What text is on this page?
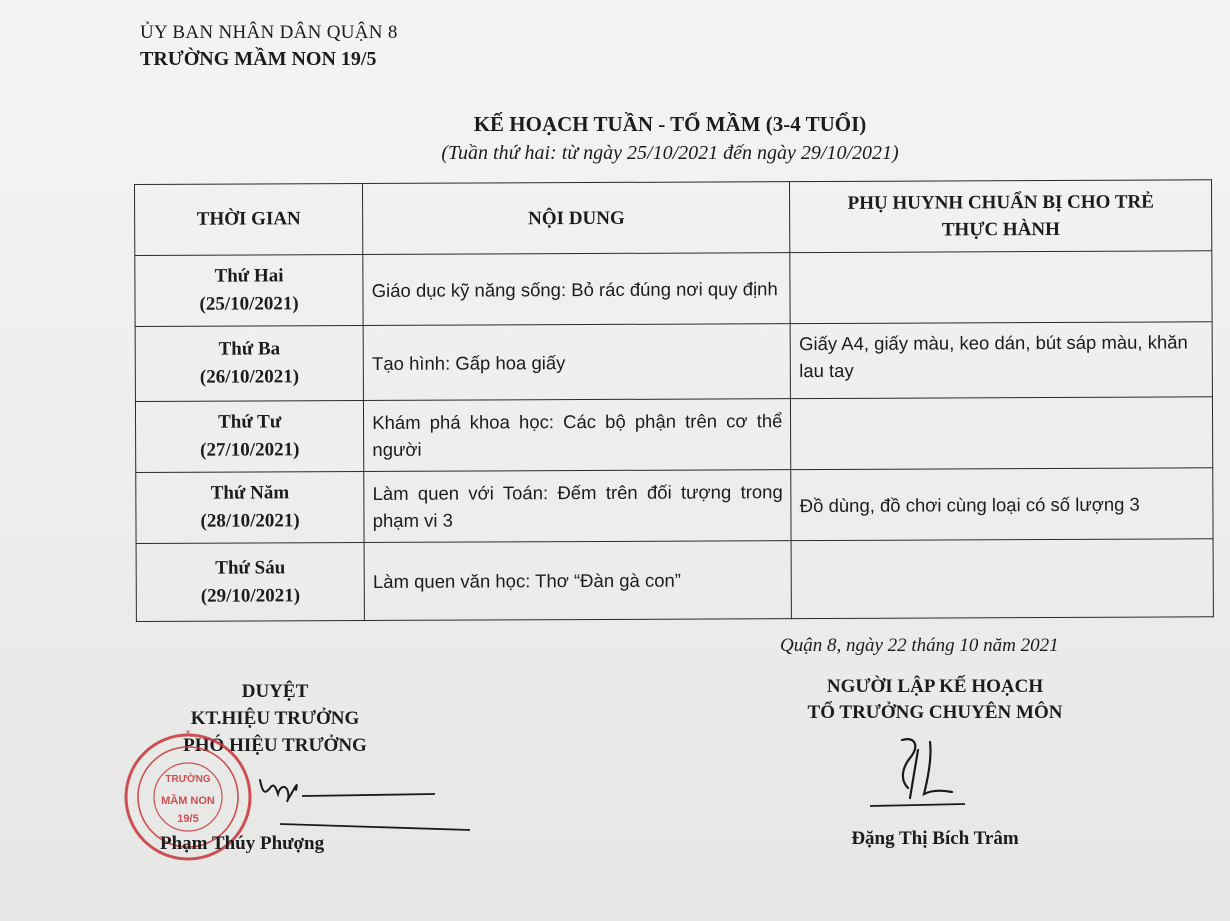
ỦY BAN NHÂN DÂN QUẬN 8
TRƯỜNG MẦM NON 19/5
KẾ HOẠCH TUẦN - TỔ MẦM (3-4 TUỔI)
(Tuần thứ hai: từ ngày 25/10/2021 đến ngày 29/10/2021)
THỜI GIAN	NỘI DUNG	PHỤ HUYNH CHUẨN BỊ CHO TRẺ THỰC HÀNH
Thứ Hai
(25/10/2021)	Giáo dục kỹ năng sống: Bỏ rác đúng nơi quy định	
Thứ Ba
(26/10/2021)	Tạo hình: Gấp hoa giấy	Giấy A4, giấy màu, keo dán, bút sáp màu, khăn lau tay
Thứ Tư
(27/10/2021)	Khám phá khoa học: Các bộ phận trên cơ thể người	
Thứ Năm
(28/10/2021)	Làm quen với Toán: Đếm trên đối tượng trong phạm vi 3	Đồ dùng, đồ chơi cùng loại có số lượng 3
Thứ Sáu
(29/10/2021)	Làm quen văn học: Thơ “Đàn gà con”	
Quận 8, ngày 22 tháng 10 năm 2021
NGƯỜI LẬP KẾ HOẠCH
TỔ TRƯỞNG CHUYÊN MÔN
Đặng Thị Bích Trâm
DUYỆT
KT.HIỆU TRƯỞNG
PHÓ HIỆU TRƯỞNG
TRƯỜNG
MẦM NON
19/5
★
Phạm Thúy Phượng
